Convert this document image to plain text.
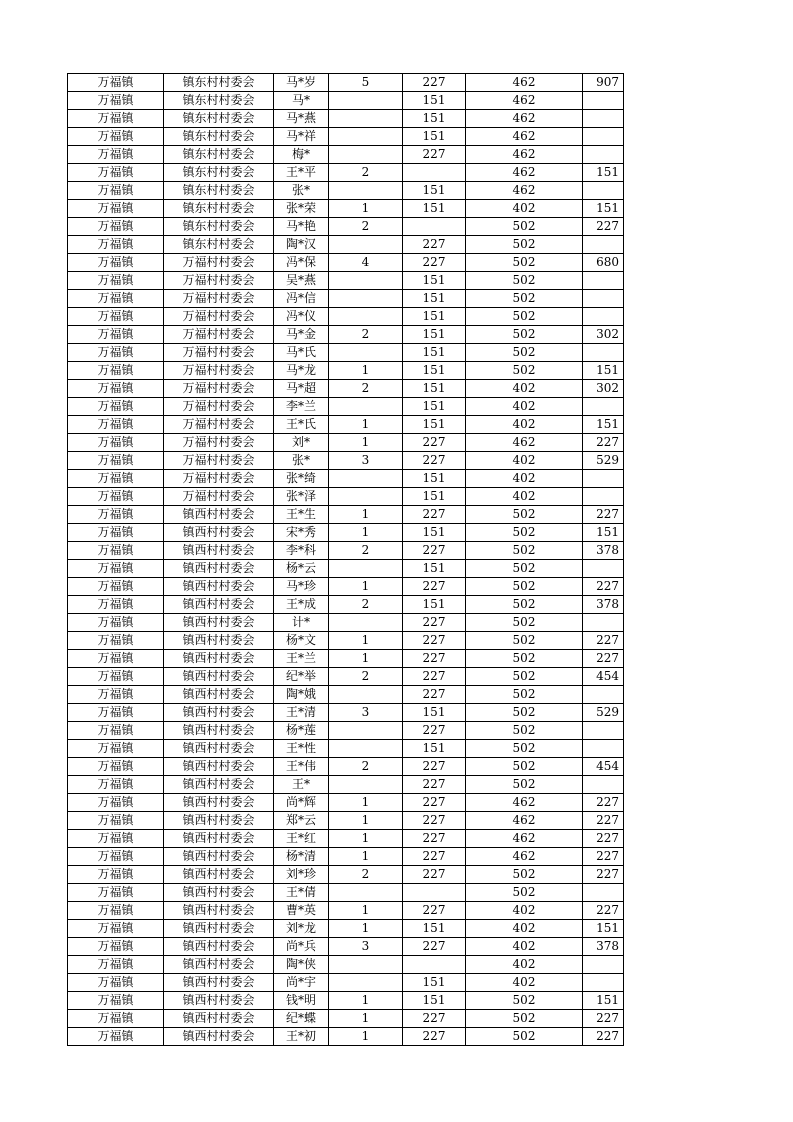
万福镇	镇东村村委会	马*岁	5	227	462	907
万福镇	镇东村村委会	马*		151	462	
万福镇	镇东村村委会	马*燕		151	462	
万福镇	镇东村村委会	马*祥		151	462	
万福镇	镇东村村委会	梅*		227	462	
万福镇	镇东村村委会	王*平	2		462	151
万福镇	镇东村村委会	张*		151	462	
万福镇	镇东村村委会	张*荣	1	151	402	151
万福镇	镇东村村委会	马*艳	2		502	227
万福镇	镇东村村委会	陶*汉		227	502	
万福镇	万福村村委会	冯*保	4	227	502	680
万福镇	万福村村委会	吴*燕		151	502	
万福镇	万福村村委会	冯*信		151	502	
万福镇	万福村村委会	冯*仪		151	502	
万福镇	万福村村委会	马*金	2	151	502	302
万福镇	万福村村委会	马*氏		151	502	
万福镇	万福村村委会	马*龙	1	151	502	151
万福镇	万福村村委会	马*超	2	151	402	302
万福镇	万福村村委会	李*兰		151	402	
万福镇	万福村村委会	王*氏	1	151	402	151
万福镇	万福村村委会	刘*	1	227	462	227
万福镇	万福村村委会	张*	3	227	402	529
万福镇	万福村村委会	张*绮		151	402	
万福镇	万福村村委会	张*泽		151	402	
万福镇	镇西村村委会	王*生	1	227	502	227
万福镇	镇西村村委会	宋*秀	1	151	502	151
万福镇	镇西村村委会	李*科	2	227	502	378
万福镇	镇西村村委会	杨*云		151	502	
万福镇	镇西村村委会	马*珍	1	227	502	227
万福镇	镇西村村委会	王*成	2	151	502	378
万福镇	镇西村村委会	计*		227	502	
万福镇	镇西村村委会	杨*文	1	227	502	227
万福镇	镇西村村委会	王*兰	1	227	502	227
万福镇	镇西村村委会	纪*举	2	227	502	454
万福镇	镇西村村委会	陶*娥		227	502	
万福镇	镇西村村委会	王*清	3	151	502	529
万福镇	镇西村村委会	杨*莲		227	502	
万福镇	镇西村村委会	王*性		151	502	
万福镇	镇西村村委会	王*伟	2	227	502	454
万福镇	镇西村村委会	王*		227	502	
万福镇	镇西村村委会	尚*辉	1	227	462	227
万福镇	镇西村村委会	郑*云	1	227	462	227
万福镇	镇西村村委会	王*红	1	227	462	227
万福镇	镇西村村委会	杨*清	1	227	462	227
万福镇	镇西村村委会	刘*珍	2	227	502	227
万福镇	镇西村村委会	王*倩			502	
万福镇	镇西村村委会	曹*英	1	227	402	227
万福镇	镇西村村委会	刘*龙	1	151	402	151
万福镇	镇西村村委会	尚*兵	3	227	402	378
万福镇	镇西村村委会	陶*侠			402	
万福镇	镇西村村委会	尚*宇		151	402	
万福镇	镇西村村委会	钱*明	1	151	502	151
万福镇	镇西村村委会	纪*蝶	1	227	502	227
万福镇	镇西村村委会	王*初	1	227	502	227
